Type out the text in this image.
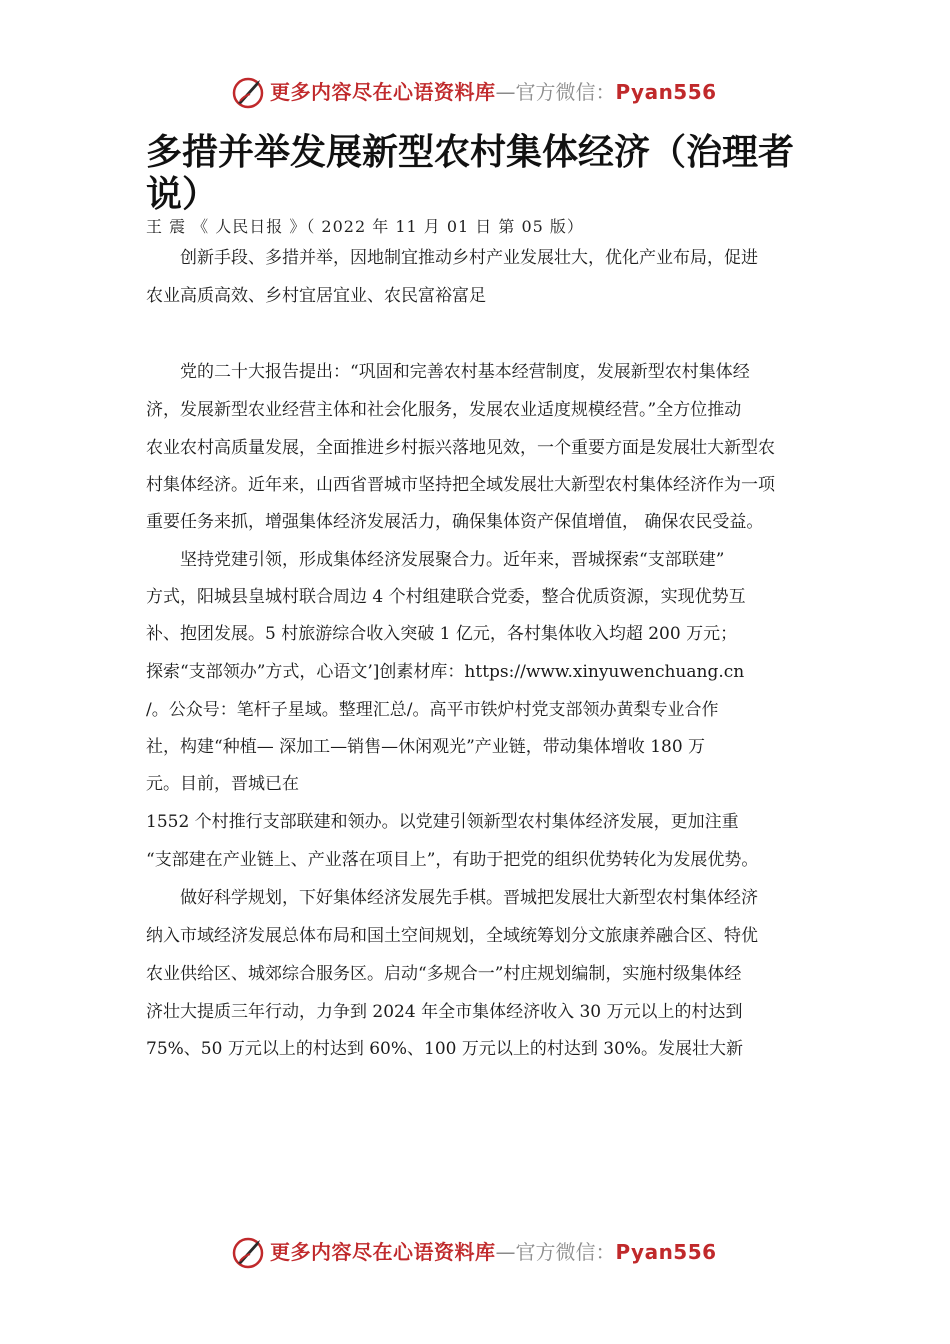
更多内容尽在心语资料库—官方微信：Pyan556
多措并举发展新型农村集体经济（治理者说）
王 震 《 人民日报 》（ 2022 年 11 月 01 日 第 05 版）
　　创新手段、多措并举，因地制宜推动乡村产业发展壮大，优化产业布局，促进
农业高质高效、乡村宜居宜业、农民富裕富足
　　党的二十大报告提出：“巩固和完善农村基本经营制度，发展新型农村集体经
济，发展新型农业经营主体和社会化服务，发展农业适度规模经营。”全方位推动
农业农村高质量发展，全面推进乡村振兴落地见效，一个重要方面是发展壮大新型农
村集体经济。近年来，山西省晋城市坚持把全域发展壮大新型农村集体经济作为一项
重要任务来抓，增强集体经济发展活力，确保集体资产保值增值， 确保农民受益。
　　坚持党建引领，形成集体经济发展聚合力。近年来，晋城探索“支部联建”
方式，阳城县皇城村联合周边 4 个村组建联合党委，整合优质资源，实现优势互
补、抱团发展。5 村旅游综合收入突破 1 亿元，各村集体收入均超 200 万元；
探索“支部领办”方式，心语文’]创素材库：https://www.xinyuwenchuang.cn
/。公众号：笔杆子星域。整理汇总/。高平市铁炉村党支部领办黄梨专业合作
社，构建“种植— 深加工—销售—休闲观光”产业链，带动集体增收 180 万
元。目前，晋城已在
1552 个村推行支部联建和领办。以党建引领新型农村集体经济发展，更加注重
“支部建在产业链上、产业落在项目上”，有助于把党的组织优势转化为发展优势。
　　做好科学规划，下好集体经济发展先手棋。晋城把发展壮大新型农村集体经济
纳入市域经济发展总体布局和国土空间规划，全域统筹划分文旅康养融合区、特优
农业供给区、城郊综合服务区。启动“多规合一”村庄规划编制，实施村级集体经
济壮大提质三年行动，力争到 2024 年全市集体经济收入 30 万元以上的村达到
75%、50 万元以上的村达到 60%、100 万元以上的村达到 30%。发展壮大新
更多内容尽在心语资料库—官方微信：Pyan556
